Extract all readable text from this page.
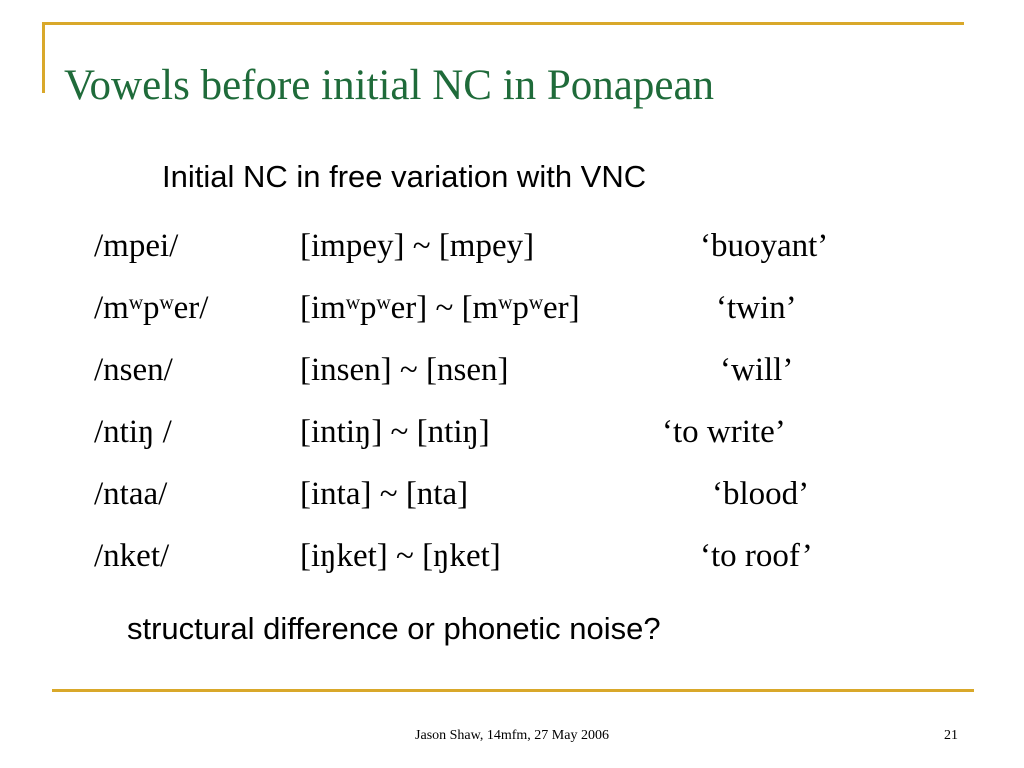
Vowels before initial NC in Ponapean
Initial NC in free variation with VNC
/mpei/	[impey] ~ [mpey]	‘buoyant’
/mʷpʷer/	[imʷpʷer] ~ [mʷpʷer]	‘twin’
/nsen/	[insen] ~ [nsen]	‘will’
/ntiŋ /	[intiŋ] ~ [ntiŋ]	‘to write’
/ntaa/	[inta] ~ [nta]	‘blood’
/nket/	[iŋket] ~ [ŋket]	‘to roof’
structural difference or phonetic noise?
Jason Shaw, 14mfm, 27 May 2006	21
